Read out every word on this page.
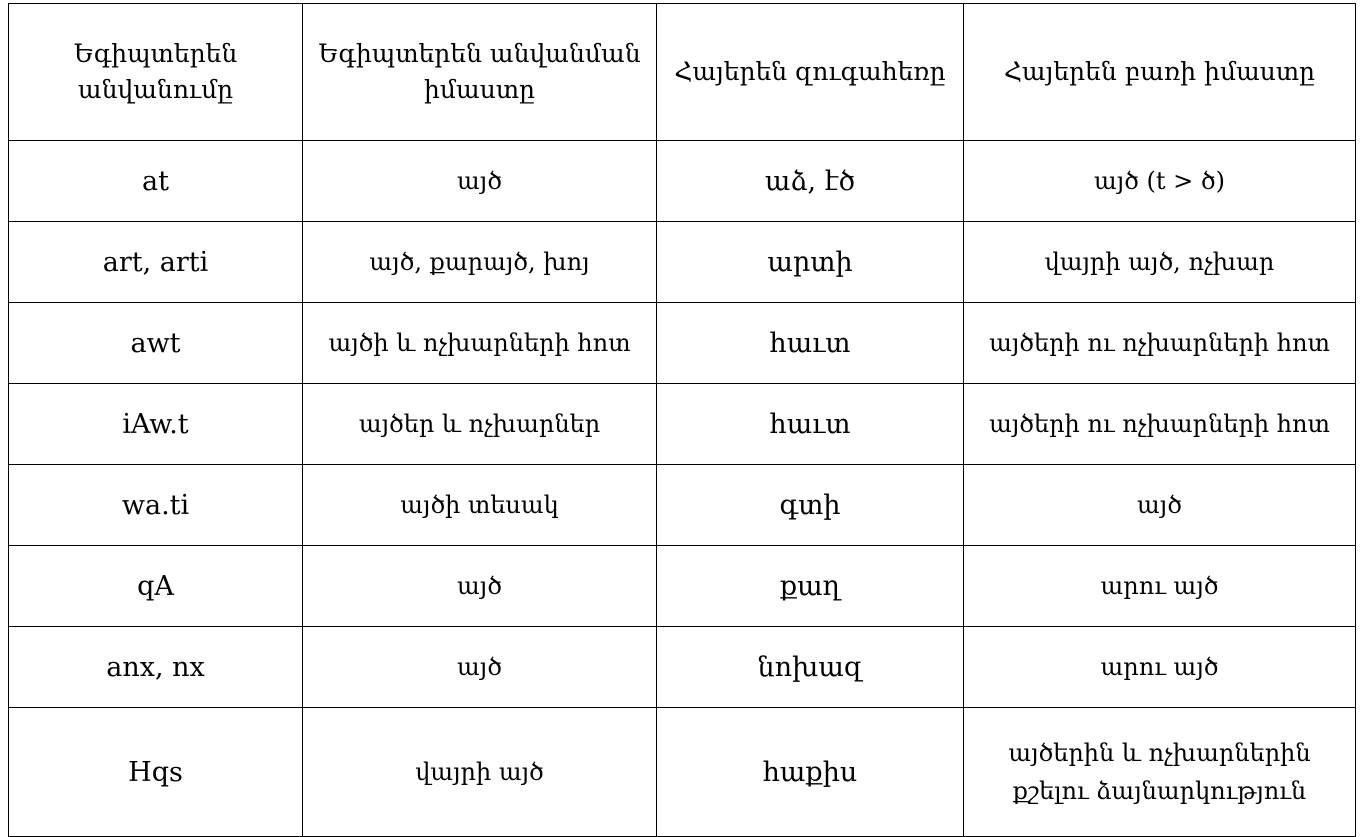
Եգիպտերեն անվանումը	Եգիպտերեն անվանման իմաստը	Հայերեն զուգահեռը	Հայերեն բառի իմաստը
at	այծ	աձ, էծ	այծ (t > ծ)
art, arti	այծ, քարայծ, խոյ	արտի	վայրի այծ, ոչխար
awt	այծի և ոչխարների հոտ	հաւտ	այծերի ու ոչխարների հոտ
iAw.t	այծեր և ոչխարներ	հաւտ	այծերի ու ոչխարների հոտ
wa.ti	այծի տեսակ	գտի	այծ
qA	այծ	քաղ	արու այծ
anx, nx	այծ	նոխազ	արու այծ
Hqs	վայրի այծ	հաքիս	այծերին և ոչխարներին քշելու ձայնարկություն
